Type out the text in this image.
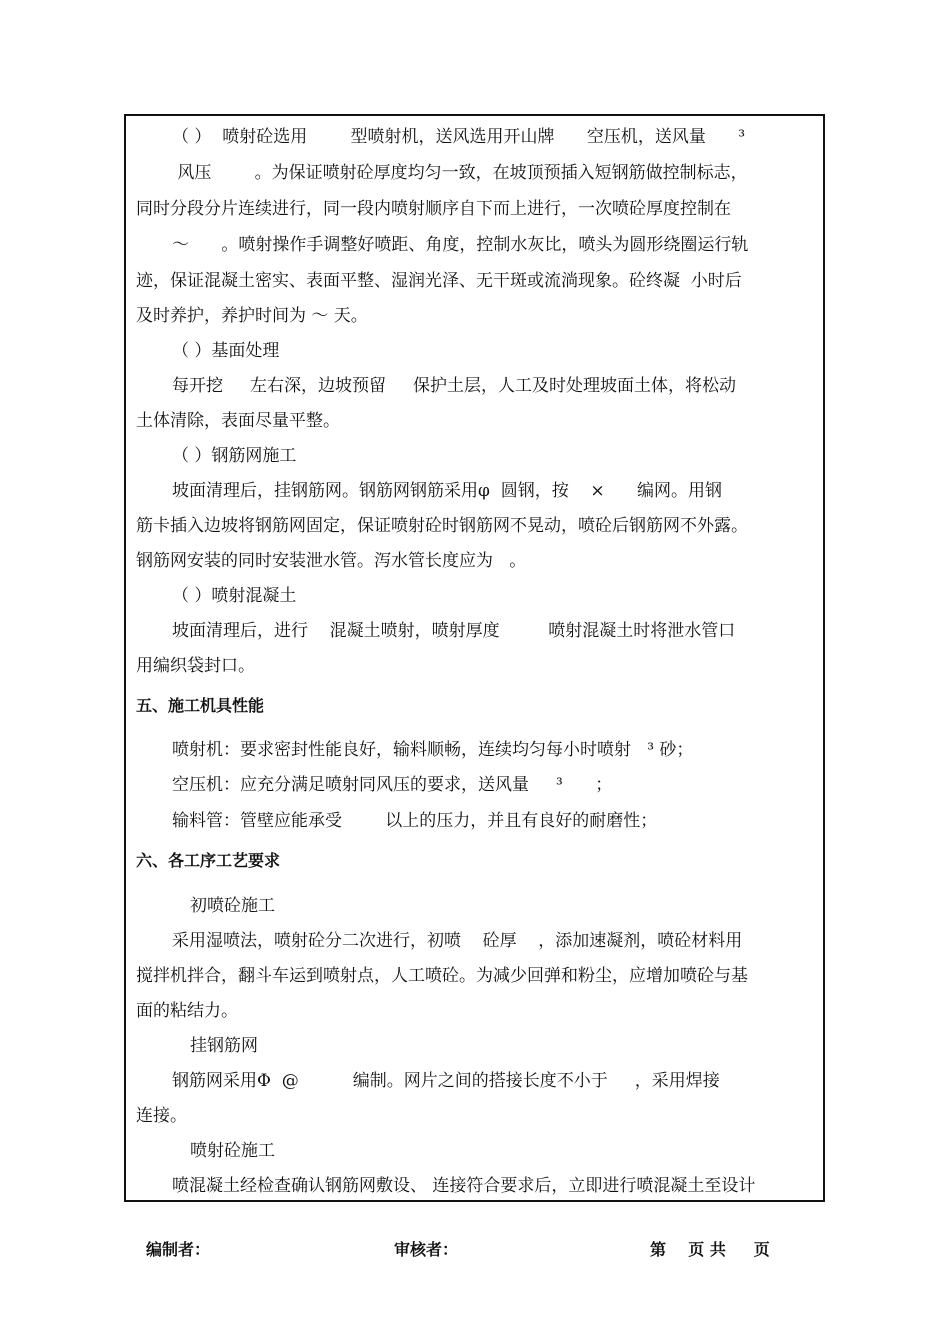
（ ）  喷射砼选用        型喷射机，送风选用开山牌      空压机，送风量      ³
风压        。为保证喷射砼厚度均匀一致，在坡顶预插入短钢筋做控制标志，
同时分段分片连续进行，同一段内喷射顺序自下而上进行，一次喷砼厚度控制在
～      。喷射操作手调整好喷距、角度，控制水灰比，喷头为圆形绕圈运行轨
迹，保证混凝土密实、表面平整、湿润光泽、无干斑或流淌现象。砼终凝  小时后
及时养护，养护时间为 ～ 天。
（ ）基面处理
每开挖     左右深，边坡预留     保护土层，人工及时处理坡面土体，将松动
土体清除，表面尽量平整。
（ ）钢筋网施工
坡面清理后，挂钢筋网。钢筋网钢筋采用φ  圆钢，按    ×      编网。用钢
筋卡插入边坡将钢筋网固定，保证喷射砼时钢筋网不晃动，喷砼后钢筋网不外露。
钢筋网安装的同时安装泄水管。泻水管长度应为   。
（ ）喷射混凝土
坡面清理后，进行    混凝土喷射，喷射厚度         喷射混凝土时将泄水管口
用编织袋封口。
五、施工机具性能
喷射机：要求密封性能良好，输料顺畅，连续均匀每小时喷射   ³ 砂；
空压机：应充分满足喷射同风压的要求，送风量     ³      ；
输料管：管壁应能承受        以上的压力，并且有良好的耐磨性；
六、各工序工艺要求
初喷砼施工
采用湿喷法，喷射砼分二次进行，初喷    砼厚    ，添加速凝剂，喷砼材料用
搅拌机拌合，翻斗车运到喷射点，人工喷砼。为减少回弹和粉尘，应增加喷砼与基
面的粘结力。
挂钢筋网
钢筋网采用Φ  @          编制。网片之间的搭接长度不小于     ，采用焊接
连接。
喷射砼施工
喷混凝土经检查确认钢筋网敷设、 连接符合要求后，立即进行喷混凝土至设计
编制者：	审核者：	第    页 共     页
